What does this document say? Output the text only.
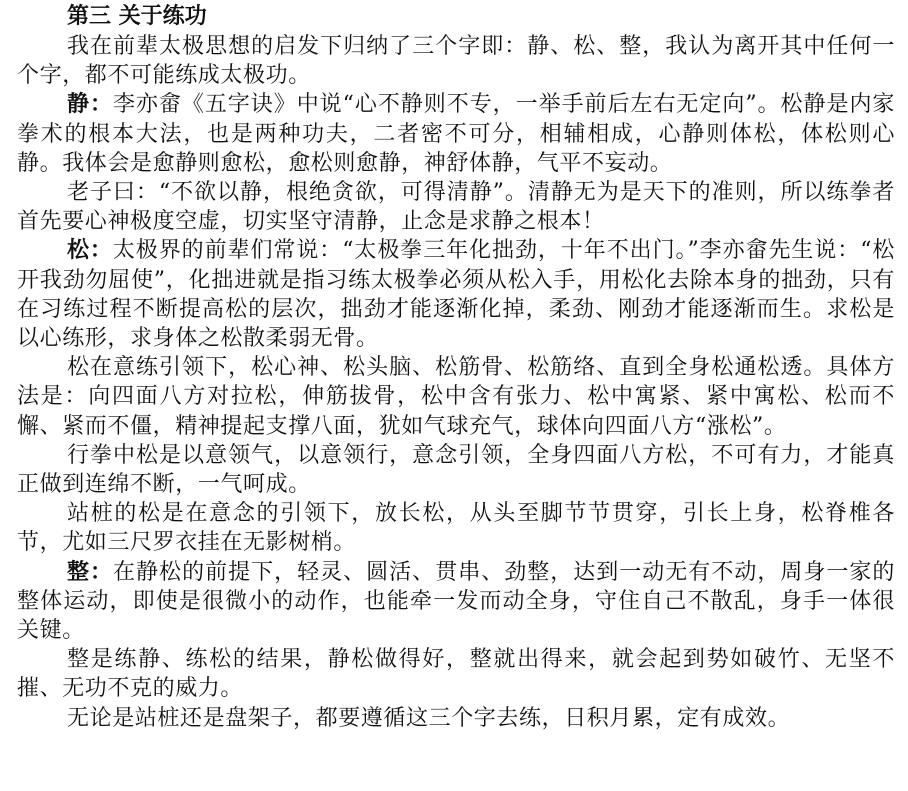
第三 关于练功

我在前辈太极思想的启发下归纳了三个字即：静、松、整，我认为离开其中任何一个字，都不可能练成太极功。

静：李亦畲《五字诀》中说“心不静则不专，一举手前后左右无定向”。松静是内家拳术的根本大法，也是两种功夫，二者密不可分，相辅相成，心静则体松，体松则心静。我体会是愈静则愈松，愈松则愈静，神舒体静，气平不妄动。

老子曰：“不欲以静，根绝贪欲，可得清静”。清静无为是天下的准则，所以练拳者首先要心神极度空虚，切实坚守清静，止念是求静之根本！

松：太极界的前辈们常说：“太极拳三年化拙劲，十年不出门。”李亦畲先生说：“松开我劲勿屈使”，化拙进就是指习练太极拳必须从松入手，用松化去除本身的拙劲，只有在习练过程不断提高松的层次，拙劲才能逐渐化掉，柔劲、刚劲才能逐渐而生。求松是以心练形，求身体之松散柔弱无骨。

松在意练引领下，松心神、松头脑、松筋骨、松筋络、直到全身松通松透。具体方法是：向四面八方对拉松，伸筋拔骨，松中含有张力、松中寓紧、紧中寓松、松而不懈、紧而不僵，精神提起支撑八面，犹如气球充气，球体向四面八方“涨松”。

行拳中松是以意领气，以意领行，意念引领，全身四面八方松，不可有力，才能真正做到连绵不断，一气呵成。

站桩的松是在意念的引领下，放长松，从头至脚节节贯穿，引长上身，松脊椎各节，尤如三尺罗衣挂在无影树梢。

整：在静松的前提下，轻灵、圆活、贯串、劲整，达到一动无有不动，周身一家的整体运动，即使是很微小的动作，也能牵一发而动全身，守住自己不散乱，身手一体很关键。

整是练静、练松的结果，静松做得好，整就出得来，就会起到势如破竹、无坚不摧、无功不克的威力。

无论是站桩还是盘架子，都要遵循这三个字去练，日积月累，定有成效。
